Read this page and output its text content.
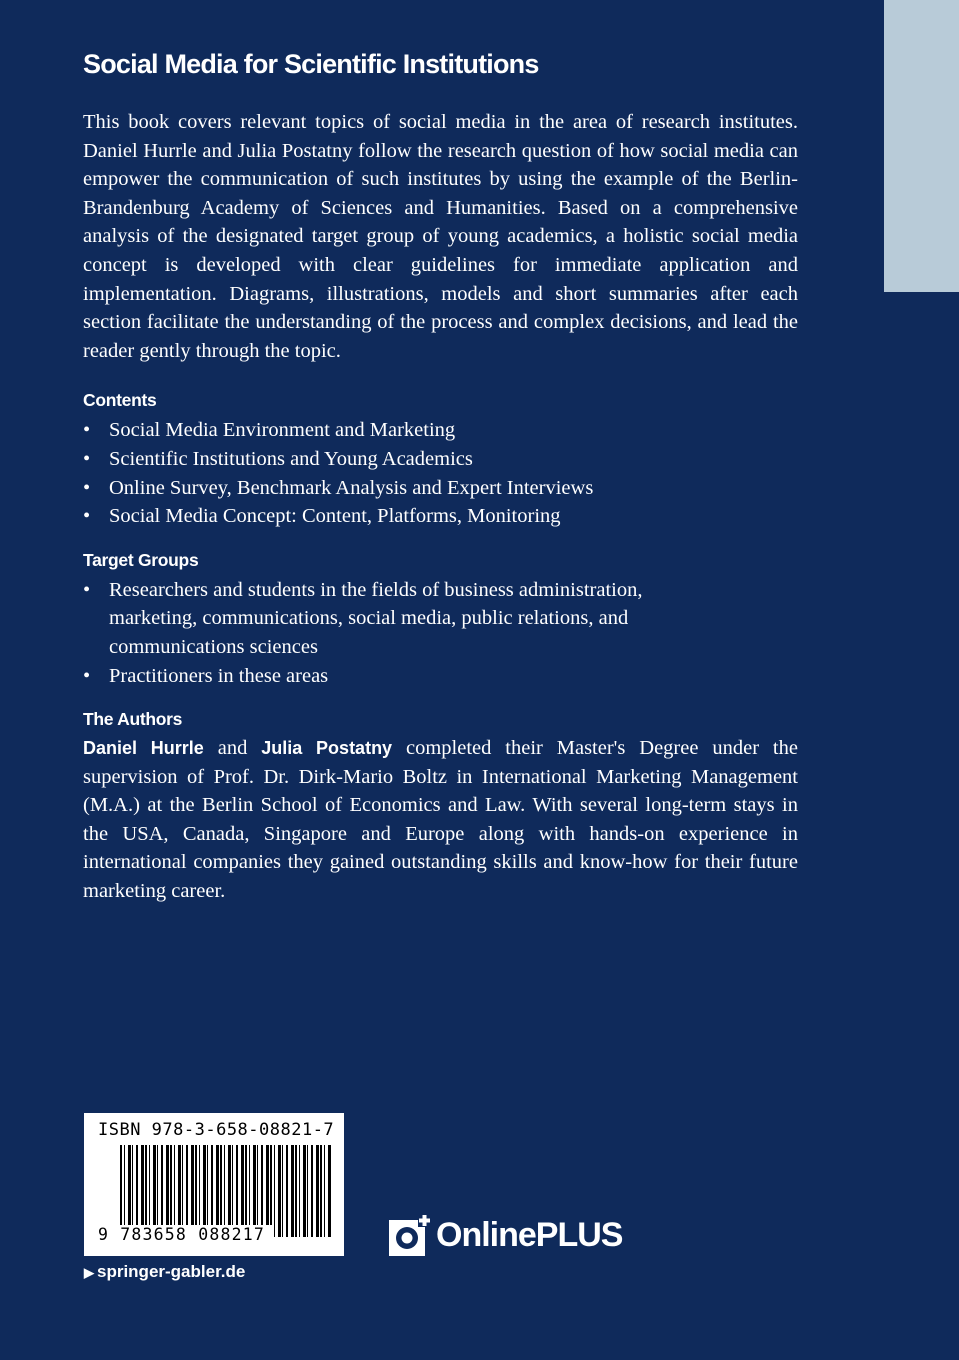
Social Media for Scientific Institutions

This book covers relevant topics of social media in the area of research institutes. Daniel Hurrle and Julia Postatny follow the research question of how social media can empower the communication of such institutes by using the example of the Berlin-Brandenburg Academy of Sciences and Humanities. Based on a comprehensive analysis of the designated target group of young academics, a holistic social media concept is developed with clear guidelines for immediate application and implementation. Diagrams, illustrations, models and short summaries after each section facilitate the understanding of the process and complex decisions, and lead the reader gently through the topic.

Contents
• Social Media Environment and Marketing
• Scientific Institutions and Young Academics
• Online Survey, Benchmark Analysis and Expert Interviews
• Social Media Concept: Content, Platforms, Monitoring
Target Groups
• Researchers and students in the fields of business administration, marketing, communications, social media, public relations, and communications sciences
• Practitioners in these areas
The Authors

Daniel Hurrle and Julia Postatny completed their Master's Degree under the supervision of Prof. Dr. Dirk-Mario Boltz in International Marketing Management (M.A.) at the Berlin School of Economics and Law. With several long-term stays in the USA, Canada, Singapore and Europe along with hands-on experience in international companies they gained outstanding skills and know-how for their future marketing career.

ISBN 978-3-658-08821-7
9 783658 088217
▶ springer-gabler.de
OnlinePLUS
